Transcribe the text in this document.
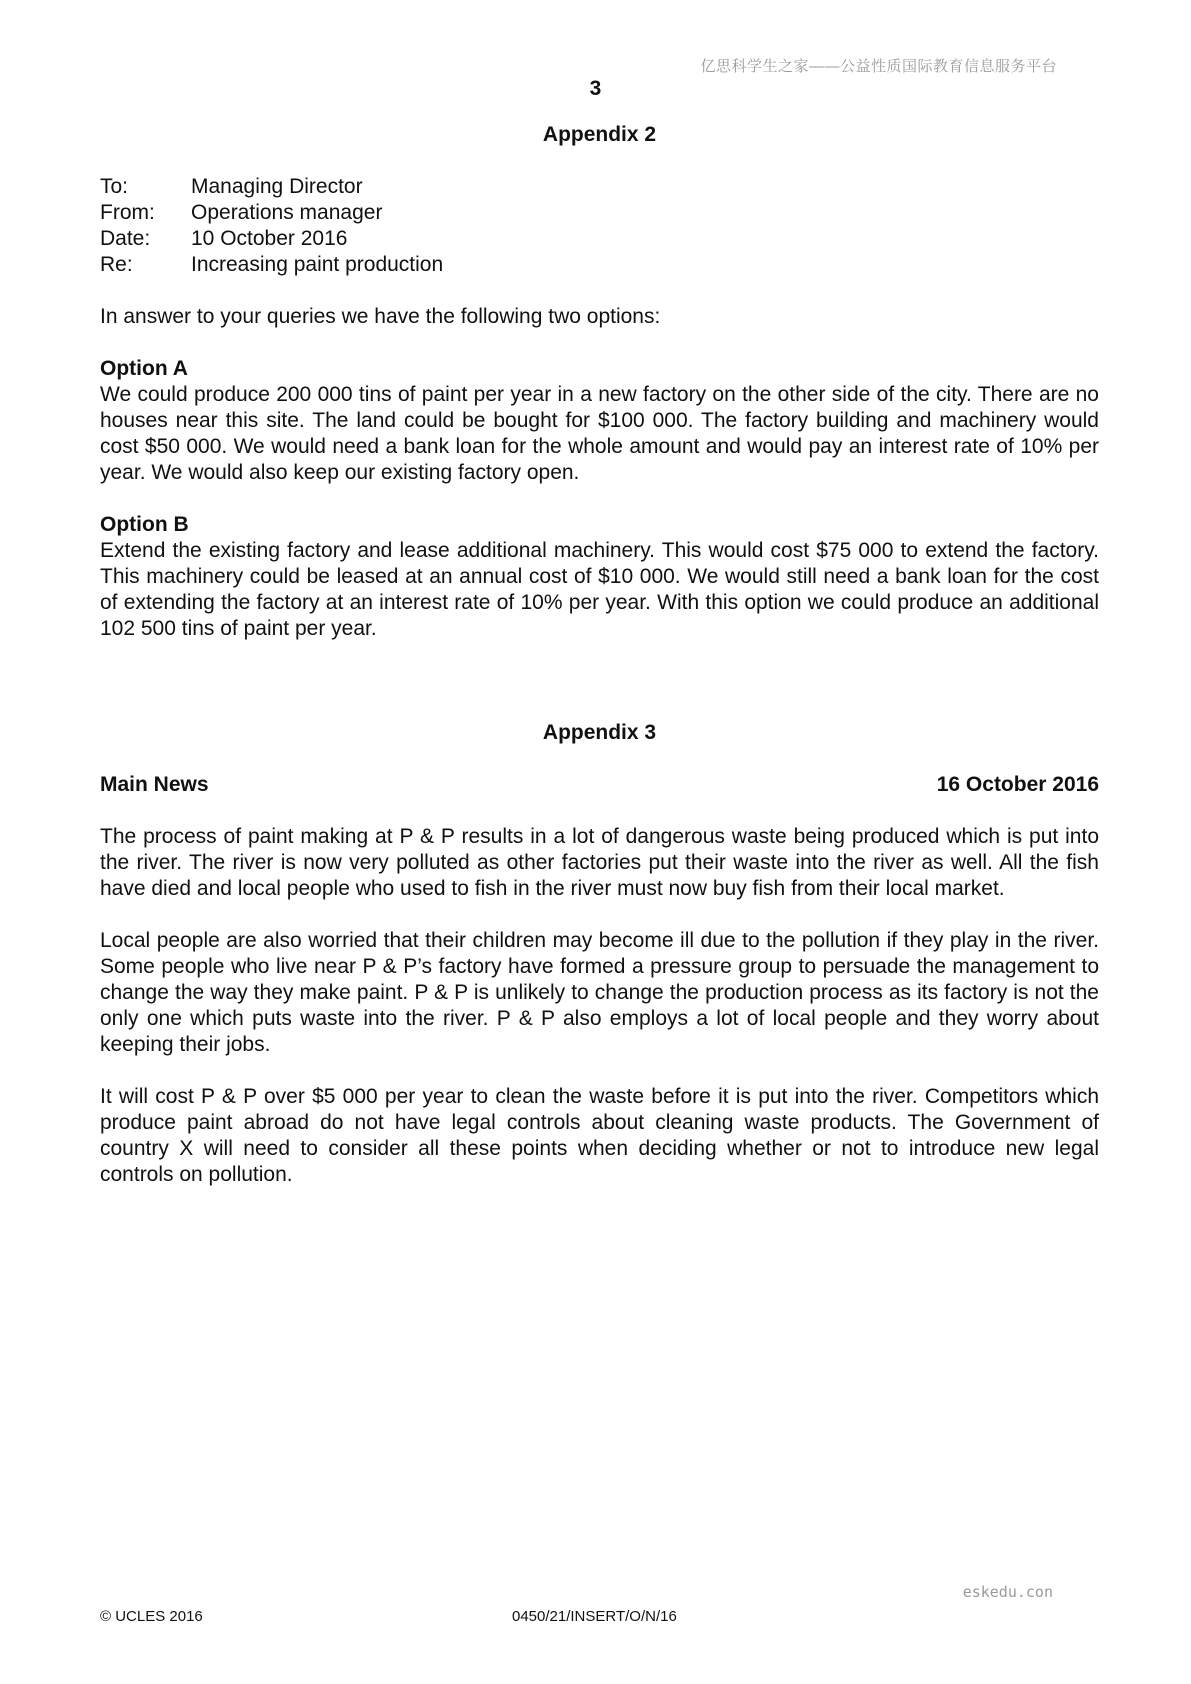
亿思科学生之家——公益性质国际教育信息服务平台
3

Appendix 2

To:	Managing Director
From:	Operations manager
Date:	10 October 2016
Re:	Increasing paint production

In answer to your queries we have the following two options:

Option A

We could produce 200 000 tins of paint per year in a new factory on the other side of the city. There are no houses near this site. The land could be bought for $100 000. The factory building and machinery would cost $50 000. We would need a bank loan for the whole amount and would pay an interest rate of 10% per year. We would also keep our existing factory open.

Option B

Extend the existing factory and lease additional machinery. This would cost $75 000 to extend the factory. This machinery could be leased at an annual cost of $10 000. We would still need a bank loan for the cost of extending the factory at an interest rate of 10% per year. With this option we could produce an additional 102 500 tins of paint per year.

Appendix 3

Main News	16 October 2016

The process of paint making at P & P results in a lot of dangerous waste being produced which is put into the river. The river is now very polluted as other factories put their waste into the river as well. All the fish have died and local people who used to fish in the river must now buy fish from their local market.

Local people are also worried that their children may become ill due to the pollution if they play in the river. Some people who live near P & P’s factory have formed a pressure group to persuade the management to change the way they make paint. P & P is unlikely to change the production process as its factory is not the only one which puts waste into the river. P & P also employs a lot of local people and they worry about keeping their jobs.

It will cost P & P over $5 000 per year to clean the waste before it is put into the river. Competitors which produce paint abroad do not have legal controls about cleaning waste products. The Government of country X will need to consider all these points when deciding whether or not to introduce new legal controls on pollution.

eskedu.con
© UCLES 2016	0450/21/INSERT/O/N/16
